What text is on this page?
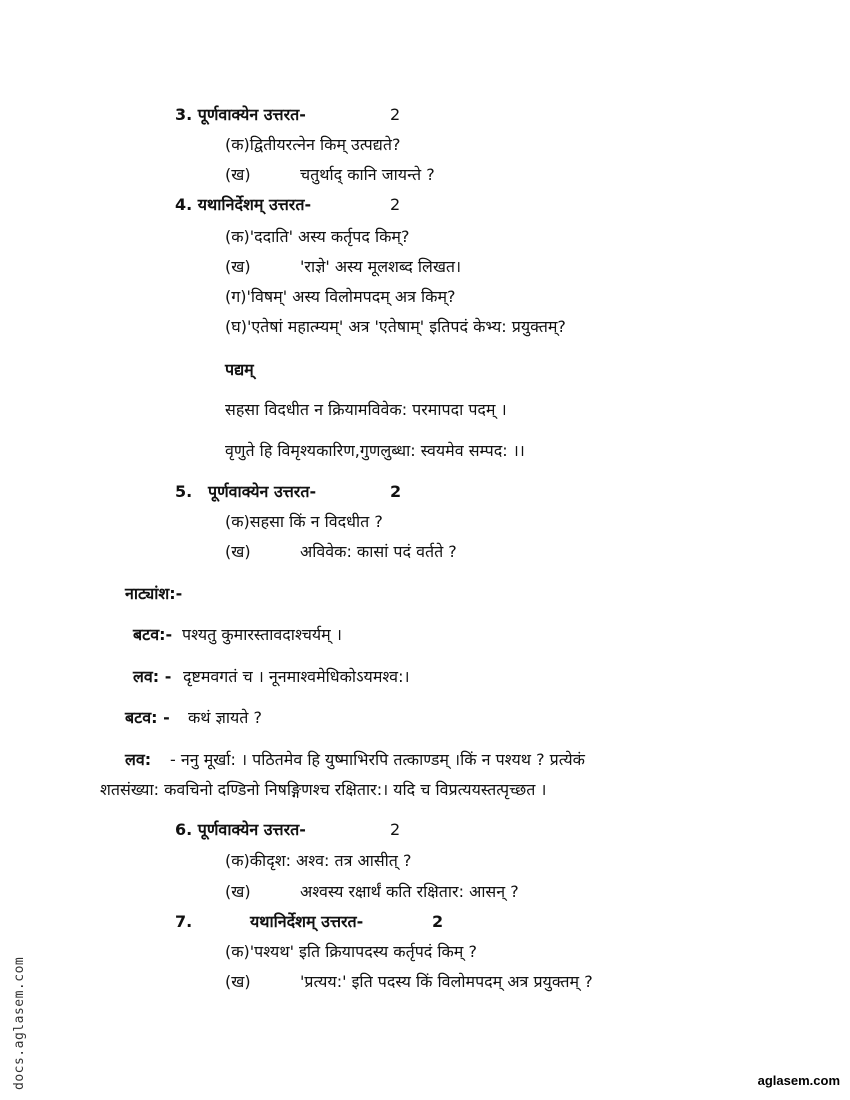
3. पूर्णवाक्येन उत्तरत-	2
(क)द्वितीयरत्नेन किम् उत्पद्यते?
(ख)	चतुर्थाद् कानि जायन्ते ?
4. यथानिर्देशम् उत्तरत-	2
(क)'ददाति' अस्य कर्तृपद किम्?
(ख)	'राज्ञे' अस्य मूलशब्द लिखत।
(ग)'विषम्' अस्य विलोमपदम् अत्र किम्?
(घ)'एतेषां महात्म्यम्' अत्र 'एतेषाम्' इतिपदं केभ्य: प्रयुक्तम्?
पद्यम्
सहसा विदधीत न क्रियामविवेक: परमापदा पदम् ।
वृणुते हि विमृश्यकारिण,गुणलुब्धा: स्वयमेव सम्पद: ।।
5. पूर्णवाक्येन उत्तरत-	2
(क)सहसा किं न विदधीत ?
(ख)	अविवेक: कासां पदं वर्तते ?
नाट्यांश:-
बटव:- पश्यतु कुमारस्तावदाश्चर्यम् ।
लव: - दृष्टमवगतं च । नूनमाश्वमेधिकोऽयमश्व:।
बटव: - कथं ज्ञायते ?
लव: - ननु मूर्खा: । पठितमेव हि युष्माभिरपि तत्काण्डम् ।किं न पश्यथ ? प्रत्येकं
शतसंख्या: कवचिनो दण्डिनो निषङ्गिणश्च रक्षितार:। यदि च विप्रत्ययस्तत्पृच्छत ।
6. पूर्णवाक्येन उत्तरत-	2
(क)कीदृश: अश्व: तत्र आसीत् ?
(ख)	अश्वस्य रक्षार्थं कति रक्षितार: आसन् ?
7.	यथानिर्देशम् उत्तरत-	2
(क)'पश्यथ' इति क्रियापदस्य कर्तृपदं किम् ?
(ख)	'प्रत्यय:' इति पदस्य किं विलोमपदम् अत्र प्रयुक्तम् ?
docs.aglasem.com	aglasem.com
